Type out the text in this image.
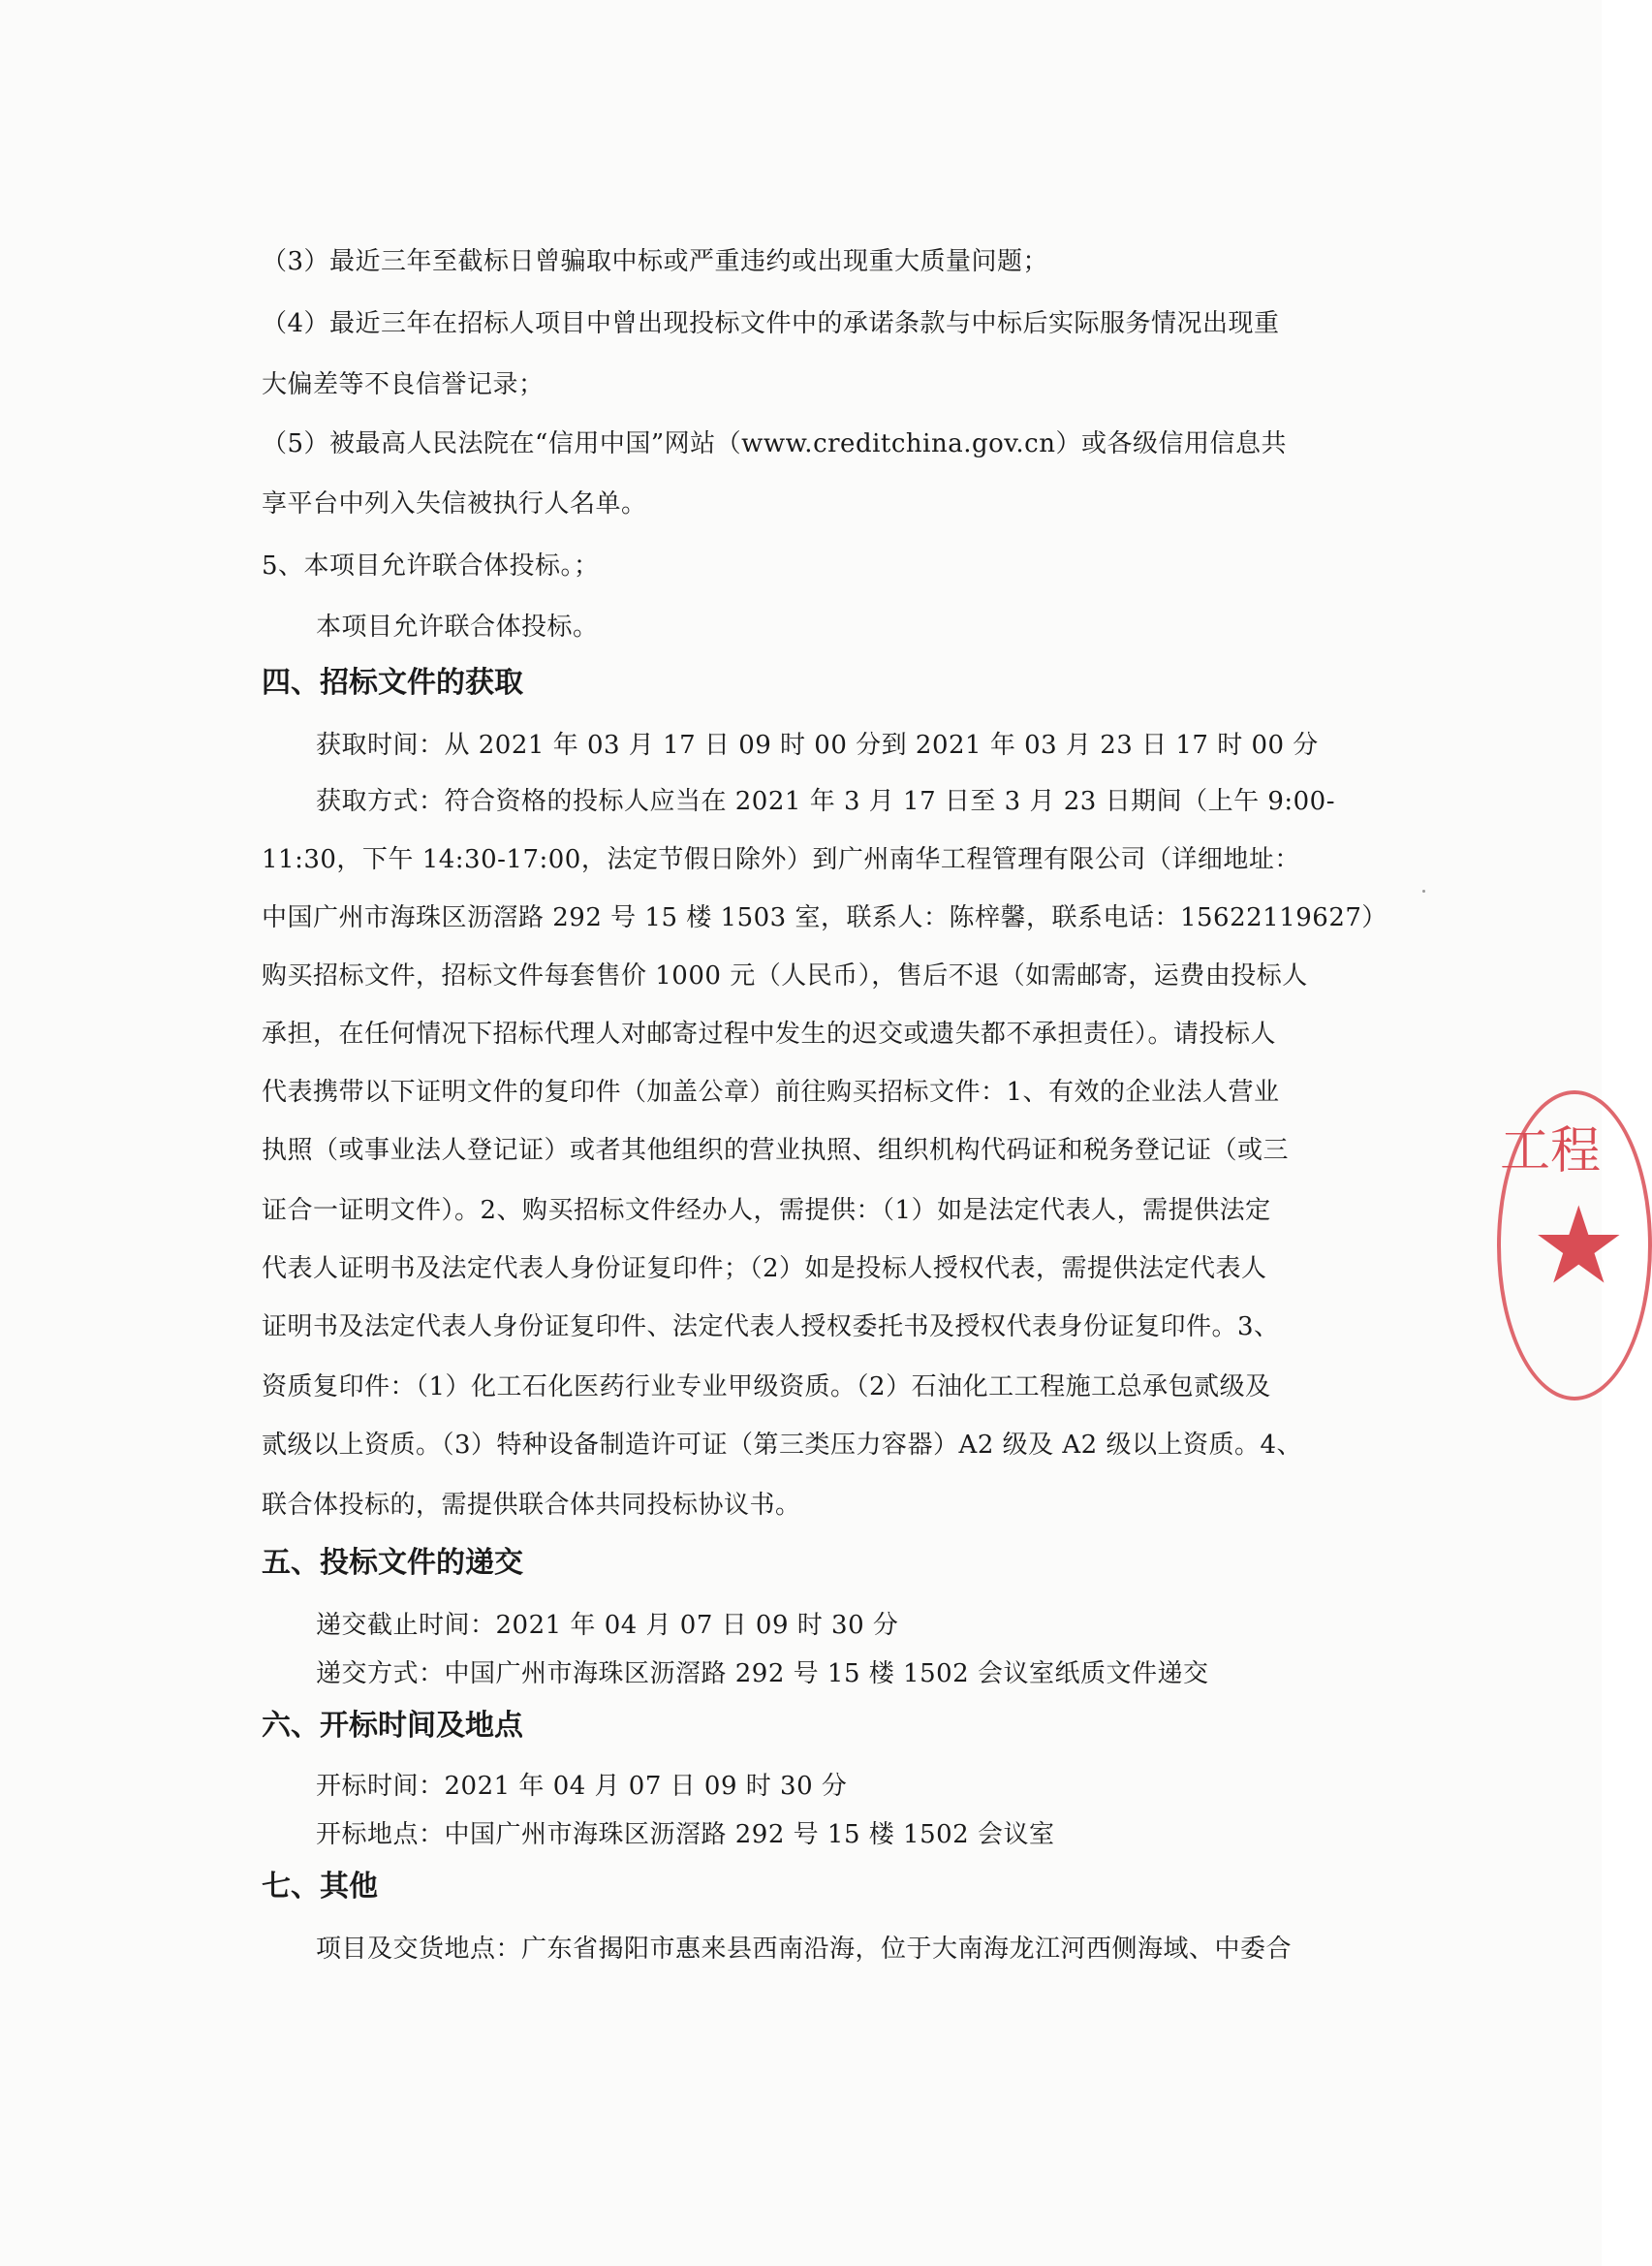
（3）最近三年至截标日曾骗取中标或严重违约或出现重大质量问题；
（4）最近三年在招标人项目中曾出现投标文件中的承诺条款与中标后实际服务情况出现重
大偏差等不良信誉记录；
（5）被最高人民法院在“信用中国”网站（www.creditchina.gov.cn）或各级信用信息共
享平台中列入失信被执行人名单。
5、本项目允许联合体投标。；
本项目允许联合体投标。
四、招标文件的获取
获取时间：从 2021 年 03 月 17 日 09 时 00 分到 2021 年 03 月 23 日 17 时 00 分
获取方式：符合资格的投标人应当在 2021 年 3 月 17 日至 3 月 23 日期间（上午 9:00-
11:30，下午 14:30-17:00，法定节假日除外）到广州南华工程管理有限公司（详细地址：
中国广州市海珠区沥滘路 292 号 15 楼 1503 室，联系人：陈梓馨，联系电话：15622119627）
购买招标文件，招标文件每套售价 1000 元（人民币），售后不退（如需邮寄，运费由投标人
承担，在任何情况下招标代理人对邮寄过程中发生的迟交或遗失都不承担责任）。请投标人
代表携带以下证明文件的复印件（加盖公章）前往购买招标文件：1、有效的企业法人营业
执照（或事业法人登记证）或者其他组织的营业执照、组织机构代码证和税务登记证（或三
证合一证明文件）。2、购买招标文件经办人，需提供：（1）如是法定代表人，需提供法定
代表人证明书及法定代表人身份证复印件；（2）如是投标人授权代表，需提供法定代表人
证明书及法定代表人身份证复印件、法定代表人授权委托书及授权代表身份证复印件。3、
资质复印件：（1）化工石化医药行业专业甲级资质。（2）石油化工工程施工总承包贰级及
贰级以上资质。（3）特种设备制造许可证（第三类压力容器）A2 级及 A2 级以上资质。4、
联合体投标的，需提供联合体共同投标协议书。
五、投标文件的递交
递交截止时间：2021 年 04 月 07 日 09 时 30 分
递交方式：中国广州市海珠区沥滘路 292 号 15 楼 1502 会议室纸质文件递交
六、开标时间及地点
开标时间：2021 年 04 月 07 日 09 时 30 分
开标地点：中国广州市海珠区沥滘路 292 号 15 楼 1502 会议室
七、其他
项目及交货地点：广东省揭阳市惠来县西南沿海，位于大南海龙江河西侧海域、中委合
工程
★
